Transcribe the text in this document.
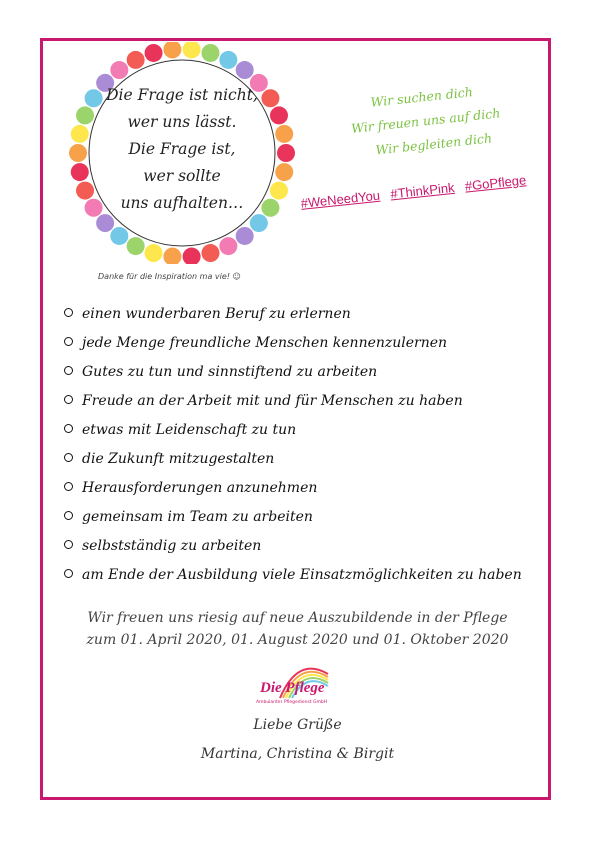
Die Frage ist nicht,
wer uns lässt.
Die Frage ist,
wer sollte
uns aufhalten…
Danke für die Inspiration ma vie! ☺
Wir suchen dich
Wir freuen uns auf dich
Wir begleiten dich
#WeNeedYou #ThinkPink #GoPflege
einen wunderbaren Beruf zu erlernen
jede Menge freundliche Menschen kennenzulernen
Gutes zu tun und sinnstiftend zu arbeiten
Freude an der Arbeit mit und für Menschen zu haben
etwas mit Leidenschaft zu tun
die Zukunft mitzugestalten
Herausforderungen anzunehmen
gemeinsam im Team zu arbeiten
selbstständig zu arbeiten
am Ende der Ausbildung viele Einsatzmöglichkeiten zu haben
Wir freuen uns riesig auf neue Auszubildende in der Pflege
zum 01. April 2020, 01. August 2020 und 01. Oktober 2020
Die Pflege
Ambulanter Pflegedienst GmbH
Liebe Grüße
Martina, Christina & Birgit
